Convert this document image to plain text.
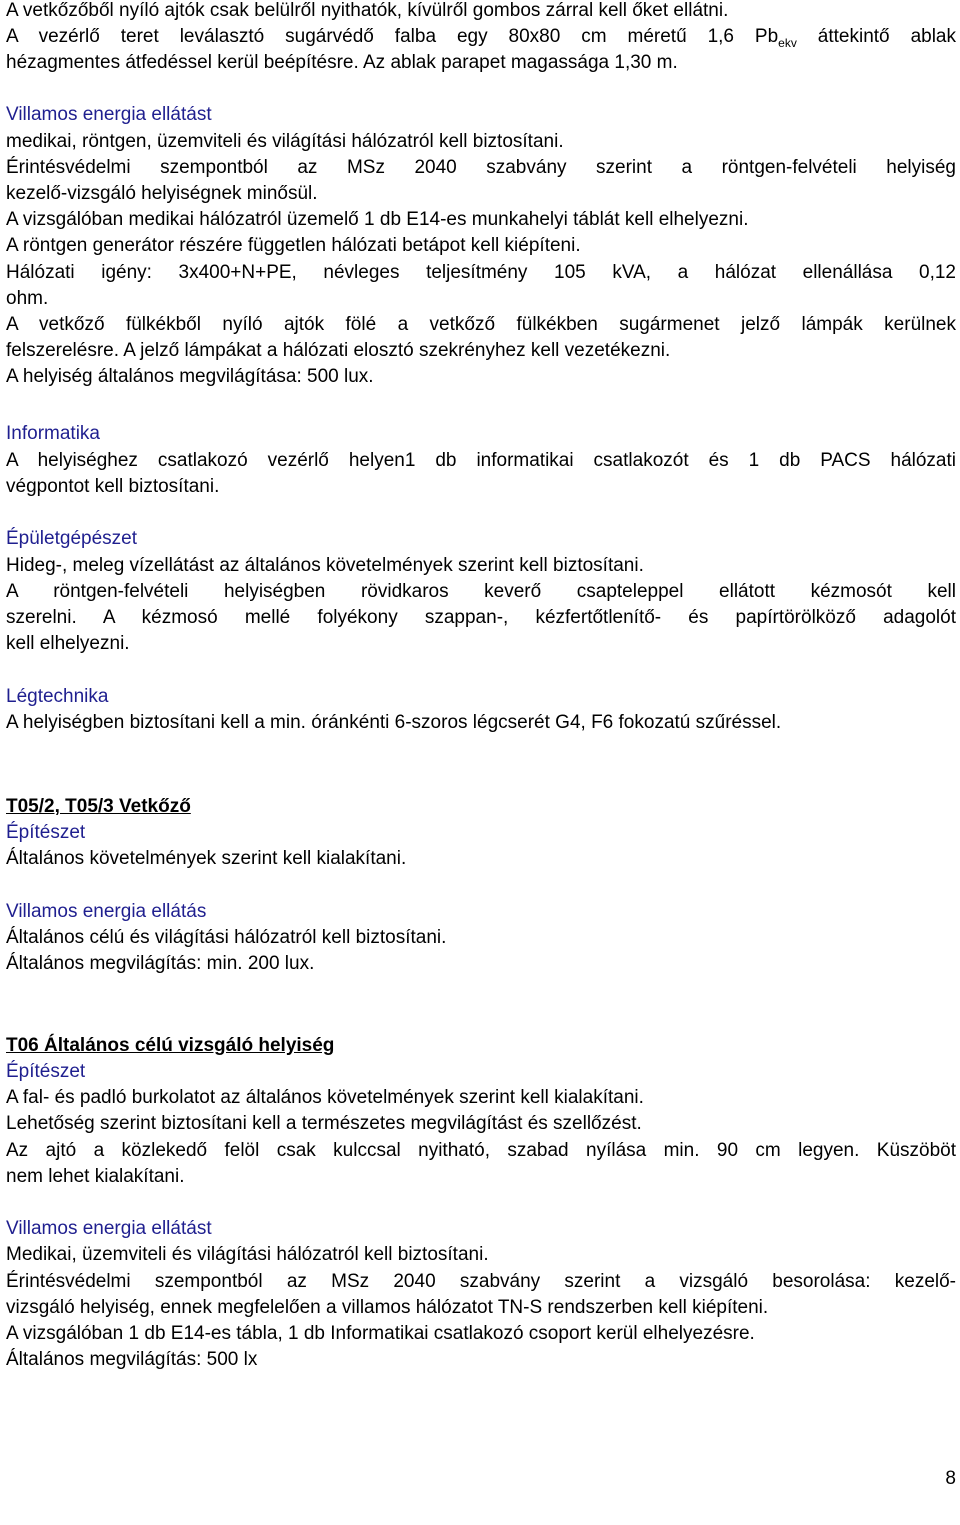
A vetkőzőből nyíló ajtók csak belülről nyithatók, kívülről gombos zárral kell őket ellátni.
A vezérlő teret leválasztó sugárvédő falba egy 80x80 cm méretű 1,6 $Pb_{ekv}$ áttekintő ablak
hézagmentes átfedéssel kerül beépítésre. Az ablak parapet magassága 1,30 m.
Villamos energia ellátást
medikai, röntgen, üzemviteli és világítási hálózatról kell biztosítani.
Érintésvédelmi szempontból az MSz 2040 szabvány szerint a röntgen-felvételi helyiség
kezelő-vizsgáló helyiségnek minősül.
A vizsgálóban medikai hálózatról üzemelő 1 db E14-es munkahelyi táblát kell elhelyezni.
A röntgen generátor részére független hálózati betápot kell kiépíteni.
Hálózati igény: 3x400+N+PE, névleges teljesítmény 105 kVA, a hálózat ellenállása 0,12
ohm.
A vetkőző fülkékből nyíló ajtók fölé a vetkőző fülkékben sugármenet jelző lámpák kerülnek
felszerelésre. A jelző lámpákat a hálózati elosztó szekrényhez kell vezetékezni.
A helyiség általános megvilágítása: 500 lux.
Informatika
A helyiséghez csatlakozó vezérlő helyen1 db informatikai csatlakozót és 1 db PACS hálózati
végpontot kell biztosítani.
Épületgépészet
Hideg-, meleg vízellátást az általános követelmények szerint kell biztosítani.
A röntgen-felvételi helyiségben rövidkaros keverő csapteleppel ellátott kézmosót kell
szerelni. A kézmosó mellé folyékony szappan-, kézfertőtlenítő- és papírtörölköző adagolót
kell elhelyezni.
Légtechnika
A helyiségben biztosítani kell a min. óránkénti 6-szoros légcserét G4, F6 fokozatú szűréssel.
T05/2, T05/3 Vetkőző
Építészet
Általános követelmények szerint kell kialakítani.
Villamos energia ellátás
Általános célú és világítási hálózatról kell biztosítani.
Általános megvilágítás: min. 200 lux.
T06 Általános célú vizsgáló helyiség
Építészet
A fal- és padló burkolatot az általános követelmények szerint kell kialakítani.
Lehetőség szerint biztosítani kell a természetes megvilágítást és szellőzést.
Az ajtó a közlekedő felöl csak kulccsal nyitható, szabad nyílása min. 90 cm legyen. Küszöböt
nem lehet kialakítani.
Villamos energia ellátást
Medikai, üzemviteli és világítási hálózatról kell biztosítani.
Érintésvédelmi szempontból az MSz 2040 szabvány szerint a vizsgáló besorolása: kezelő-
vizsgáló helyiség, ennek megfelelően a villamos hálózatot TN-S rendszerben kell kiépíteni.
A vizsgálóban 1 db E14-es tábla, 1 db Informatikai csatlakozó csoport kerül elhelyezésre.
Általános megvilágítás: 500 lx
8
